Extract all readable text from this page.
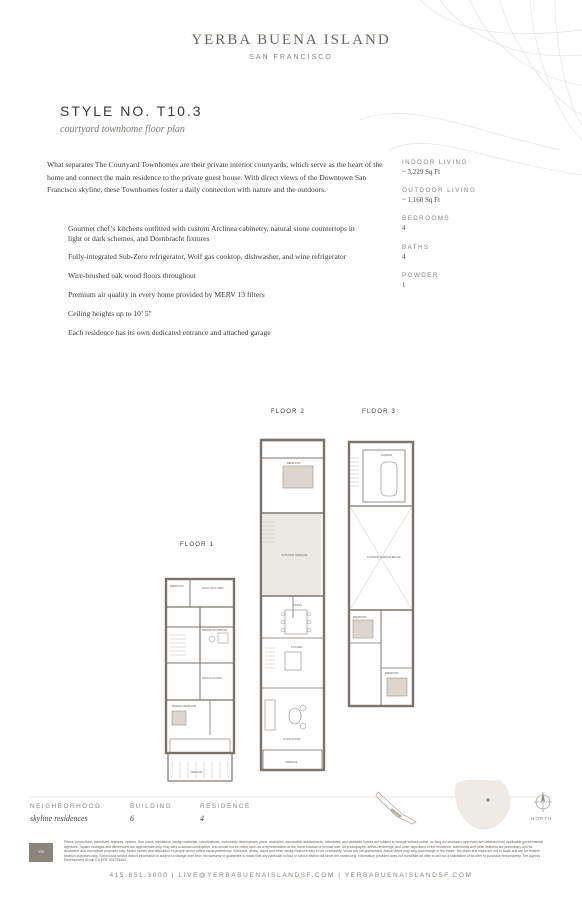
YERBA BUENA ISLAND
SAN FRANCISCO
STYLE NO. T10.3
courtyard townhome floor plan
What separates The Courtyard Townhomes are their private interior courtyards, which serve as the heart of the home and connect the main residence to the private guest house. With direct views of the Downtown San Francisco skyline, these Townhomes foster a daily connection with nature and the outdoors.
Gourmet chef’s kitchens outfitted with custom Arclinea cabinetry, natural stone countertops in light or dark schemes, and Dornbracht fixtures
Fully-integrated Sub-Zero refrigerator, Wolf gas cooktop, dishwasher, and wine refrigerator
Wire-brushed oak wood floors throughout
Premium air quality in every home provided by MERV 13 filters
Ceiling heights up to 10’ 5"
Each residence has its own dedicated entrance and attached garage
INDOOR LIVING
~ 3,229 Sq Ft
OUTDOOR LIVING
~ 1,160 Sq Ft
BEDROOMS
4
BATHS
4
POWDER
1
FLOOR 2	FLOOR 3
FLOOR 1
BEDROOM
WALK-IN CLOSET
PRIMARY BATHROOM
WALK-IN CLOSET
PRIMARY BEDROOM
TERRACE
BEDROOM
OUTDOOR TERRACE
DINING
KITCHEN
LIVING ROOM
TERRACE
GARAGE
OUTDOOR TERRACE BELOW
BEDROOM
BEDROOM
NEIGHBORHOOD
skyline residences
BUILDING
6
RESIDENCE
4	NORTH
YBI
Prices, promotions, incentives, features, options, floor plans, elevations, design materials, specifications, community development plans, amenities, association assessments, schedules, and available homes are subject to change without notice, so long as necessary approvals are obtained from applicable governmental agencies. Square footages and dimensions are approximate only, may vary in actual construction, and should not be relied upon as a representation of the home's actual or precise size. All photographs, artists renderings, and other depictions of the residence, community and other features are preliminary and for illustrative and conceptual purposes only. Model homes and depictions of people do not reflect racial preference. Windows, decks, doors and other design features vary in the community. Views are not guaranteed. Actual views may vary and change in the future. Tax plans and maps are not to scale and are for relative location purposes only. School and school district information is subject to change over time. No warranty or guarantee is made that any particular school or school district will serve the community. Information provided does not constitute an offer to sell nor a solicitation of an offer to purchase real property. The Agency Development Group CA DRE #01975463.
415.851.3000 | LIVE@YERBABUENAISLANDSF.COM | YERBABUENAISLANDSF.COM
